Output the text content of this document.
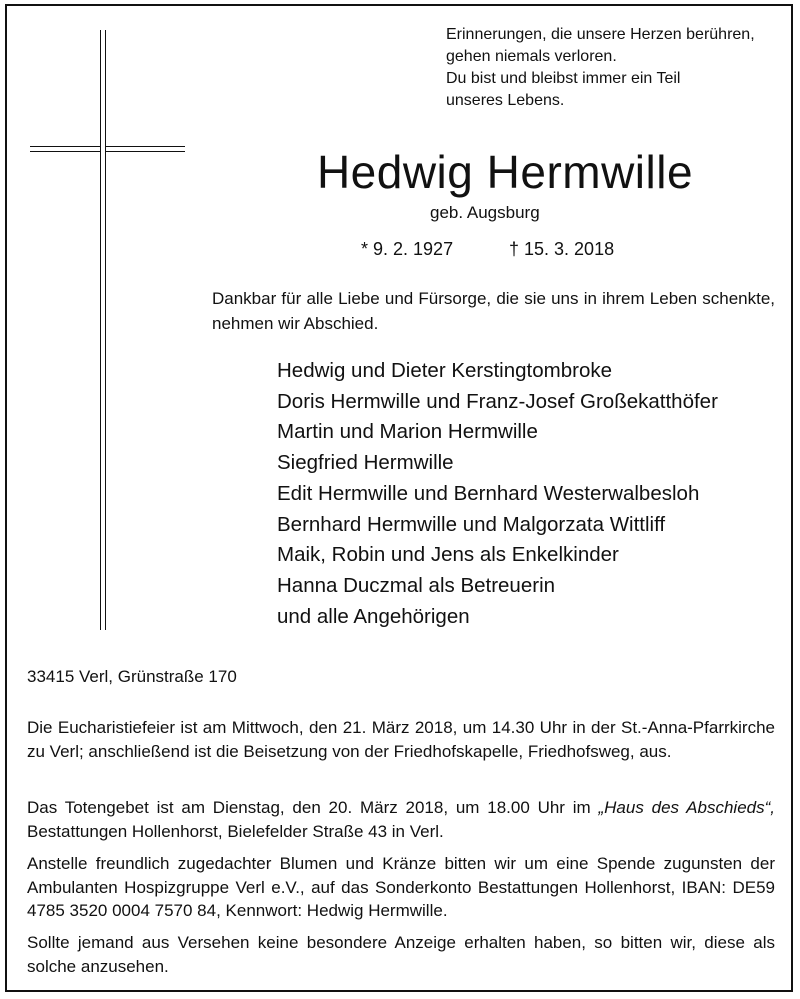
Erinnerungen, die unsere Herzen berühren,
gehen niemals verloren.
Du bist und bleibst immer ein Teil
unseres Lebens.
Hedwig Hermwille
geb. Augsburg
* 9. 2. 1927	† 15. 3. 2018
Dankbar für alle Liebe und Fürsorge, die sie uns in ihrem Leben schenkte, nehmen wir Abschied.
Hedwig und Dieter Kerstingtombroke
Doris Hermwille und Franz-Josef Großekatthöfer
Martin und Marion Hermwille
Siegfried Hermwille
Edit Hermwille und Bernhard Westerwalbesloh
Bernhard Hermwille und Malgorzata Wittliff
Maik, Robin und Jens als Enkelkinder
Hanna Duczmal als Betreuerin
und alle Angehörigen
33415 Verl, Grünstraße 170
Die Eucharistiefeier ist am Mittwoch, den 21. März 2018, um 14.30 Uhr in der St.-Anna-Pfarrkirche zu Verl; anschließend ist die Beisetzung von der Friedhofskapelle, Friedhofsweg, aus.
Das Totengebet ist am Dienstag, den 20. März 2018, um 18.00 Uhr im „Haus des Abschieds“, Bestattungen Hollenhorst, Bielefelder Straße 43 in Verl.
Anstelle freundlich zugedachter Blumen und Kränze bitten wir um eine Spende zugunsten der Ambulanten Hospizgruppe Verl e.V., auf das Sonderkonto Bestattungen Hollenhorst, IBAN: DE59 4785 3520 0004 7570 84, Kennwort: Hedwig Hermwille.
Sollte jemand aus Versehen keine besondere Anzeige erhalten haben, so bitten wir, diese als solche anzusehen.
